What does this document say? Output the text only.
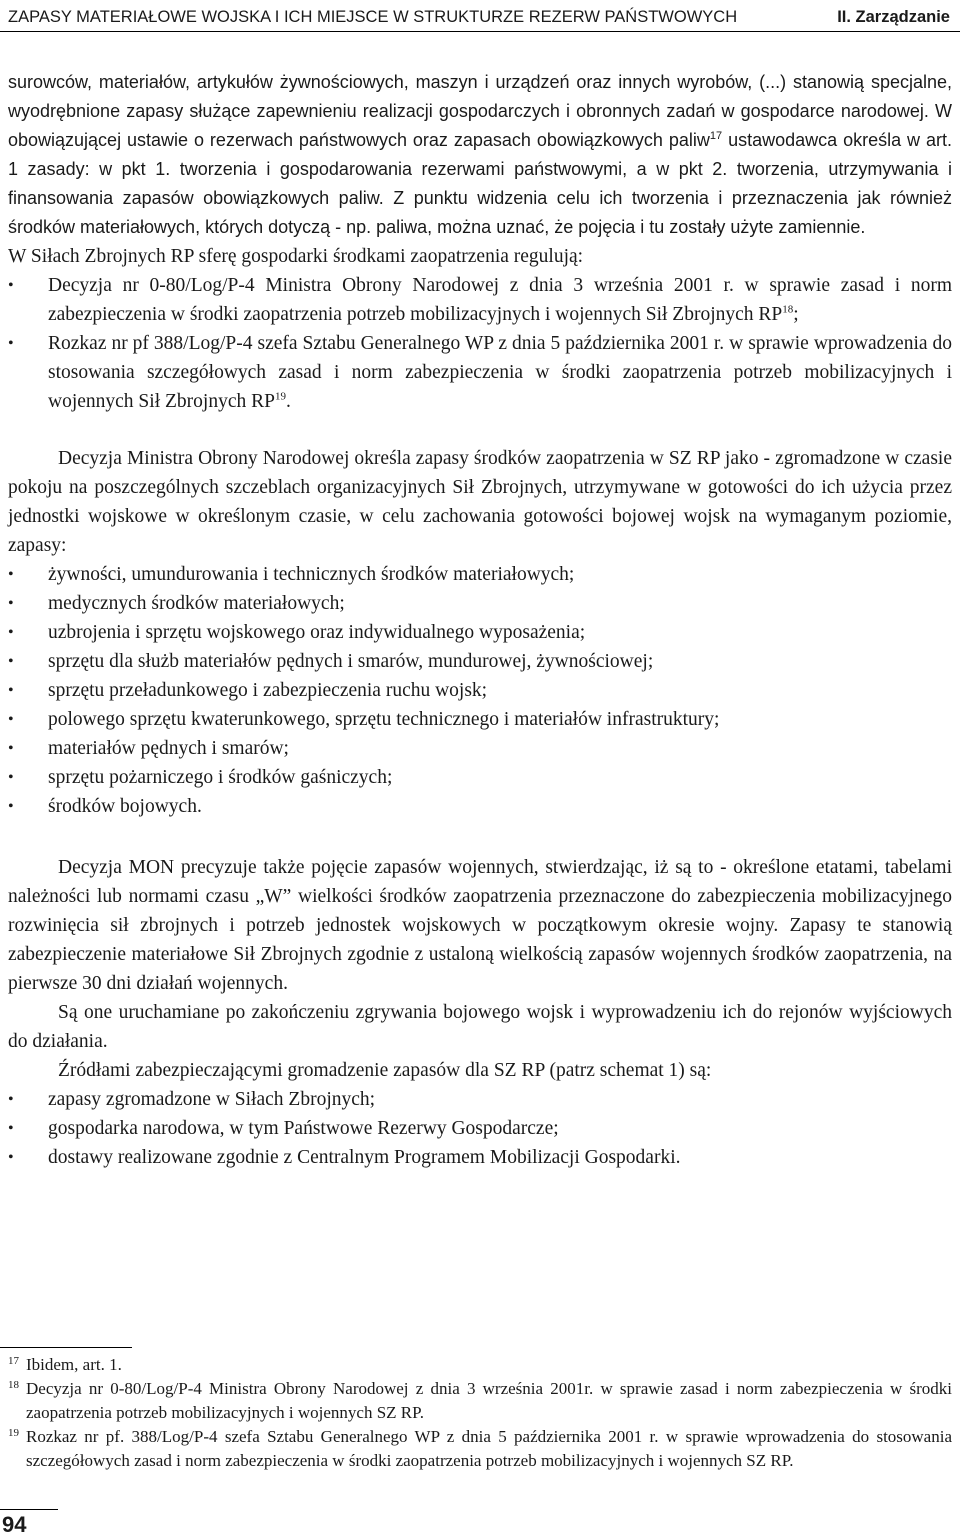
ZAPASY MATERIAŁOWE WOJSKA I ICH MIEJSCE W STRUKTURZE REZERW PAŃSTWOWYCH	II. Zarządzanie

surowców, materiałów, artykułów żywnościowych, maszyn i urządzeń oraz innych wyrobów, (...) stanowią specjalne, wyodrębnione zapasy służące zapewnieniu realizacji gospodarczych i obronnych zadań w gospodarce narodowej. W obowiązującej ustawie o rezerwach państwowych oraz zapasach obowiązkowych paliw$^{17}$ ustawodawca określa w art. 1 zasady: w pkt 1. tworzenia i gospodarowania rezerwami państwowymi, a w pkt 2. tworzenia, utrzymywania i finansowania zapasów obowiązkowych paliw. Z punktu widzenia celu ich tworzenia i przeznaczenia jak również środków materiałowych, których dotyczą - np. paliwa, można uznać, że pojęcia i tu zostały użyte zamiennie.

W Siłach Zbrojnych RP sferę gospodarki środkami zaopatrzenia regulują:

•	Decyzja nr 0-80/Log/P-4 Ministra Obrony Narodowej z dnia 3 września 2001 r. w sprawie zasad i norm zabezpieczenia w środki zaopatrzenia potrzeb mobilizacyjnych i wojennych Sił Zbrojnych RP$^{18}$;
•	Rozkaz nr pf 388/Log/P-4 szefa Sztabu Generalnego WP z dnia 5 października 2001 r. w sprawie wprowadzenia do stosowania szczegółowych zasad i norm zabezpieczenia w środki zaopatrzenia potrzeb mobilizacyjnych i wojennych Sił Zbrojnych RP$^{19}$.

Decyzja Ministra Obrony Narodowej określa zapasy środków zaopatrzenia w SZ RP jako - zgromadzone w czasie pokoju na poszczególnych szczeblach organizacyjnych Sił Zbrojnych, utrzymywane w gotowości do ich użycia przez jednostki wojskowe w określonym czasie, w celu zachowania gotowości bojowej wojsk na wymaganym poziomie, zapasy:

•	żywności, umundurowania i technicznych środków materiałowych;
•	medycznych środków materiałowych;
•	uzbrojenia i sprzętu wojskowego oraz indywidualnego wyposażenia;
•	sprzętu dla służb materiałów pędnych i smarów, mundurowej, żywnościowej;
•	sprzętu przeładunkowego i zabezpieczenia ruchu wojsk;
•	polowego sprzętu kwaterunkowego, sprzętu technicznego i materiałów infrastruktury;
•	materiałów pędnych i smarów;
•	sprzętu pożarniczego i środków gaśniczych;
•	środków bojowych.

Decyzja MON precyzuje także pojęcie zapasów wojennych, stwierdzając, iż są to - określone etatami, tabelami należności lub normami czasu „W” wielkości środków zaopatrzenia przeznaczone do zabezpieczenia mobilizacyjnego rozwinięcia sił zbrojnych i potrzeb jednostek wojskowych w początkowym okresie wojny. Zapasy te stanowią zabezpieczenie materiałowe Sił Zbrojnych zgodnie z ustaloną wielkością zapasów wojennych środków zaopatrzenia, na pierwsze 30 dni działań wojennych.

Są one uruchamiane po zakończeniu zgrywania bojowego wojsk i wyprowadzeniu ich do rejonów wyjściowych do działania.

Źródłami zabezpieczającymi gromadzenie zapasów dla SZ RP (patrz schemat 1) są:

•	zapasy zgromadzone w Siłach Zbrojnych;
•	gospodarka narodowa, w tym Państwowe Rezerwy Gospodarcze;
•	dostawy realizowane zgodnie z Centralnym Programem Mobilizacji Gospodarki.
17 Ibidem, art. 1.
18 Decyzja nr 0-80/Log/P-4 Ministra Obrony Narodowej z dnia 3 września 2001r. w sprawie zasad i norm zabezpieczenia w środki zaopatrzenia potrzeb mobilizacyjnych i wojennych SZ RP.
19 Rozkaz nr pf. 388/Log/P-4 szefa Sztabu Generalnego WP z dnia 5 października 2001 r. w sprawie wprowadzenia do stosowania szczegółowych zasad i norm zabezpieczenia w środki zaopatrzenia potrzeb mobilizacyjnych i wojennych SZ RP.
94
